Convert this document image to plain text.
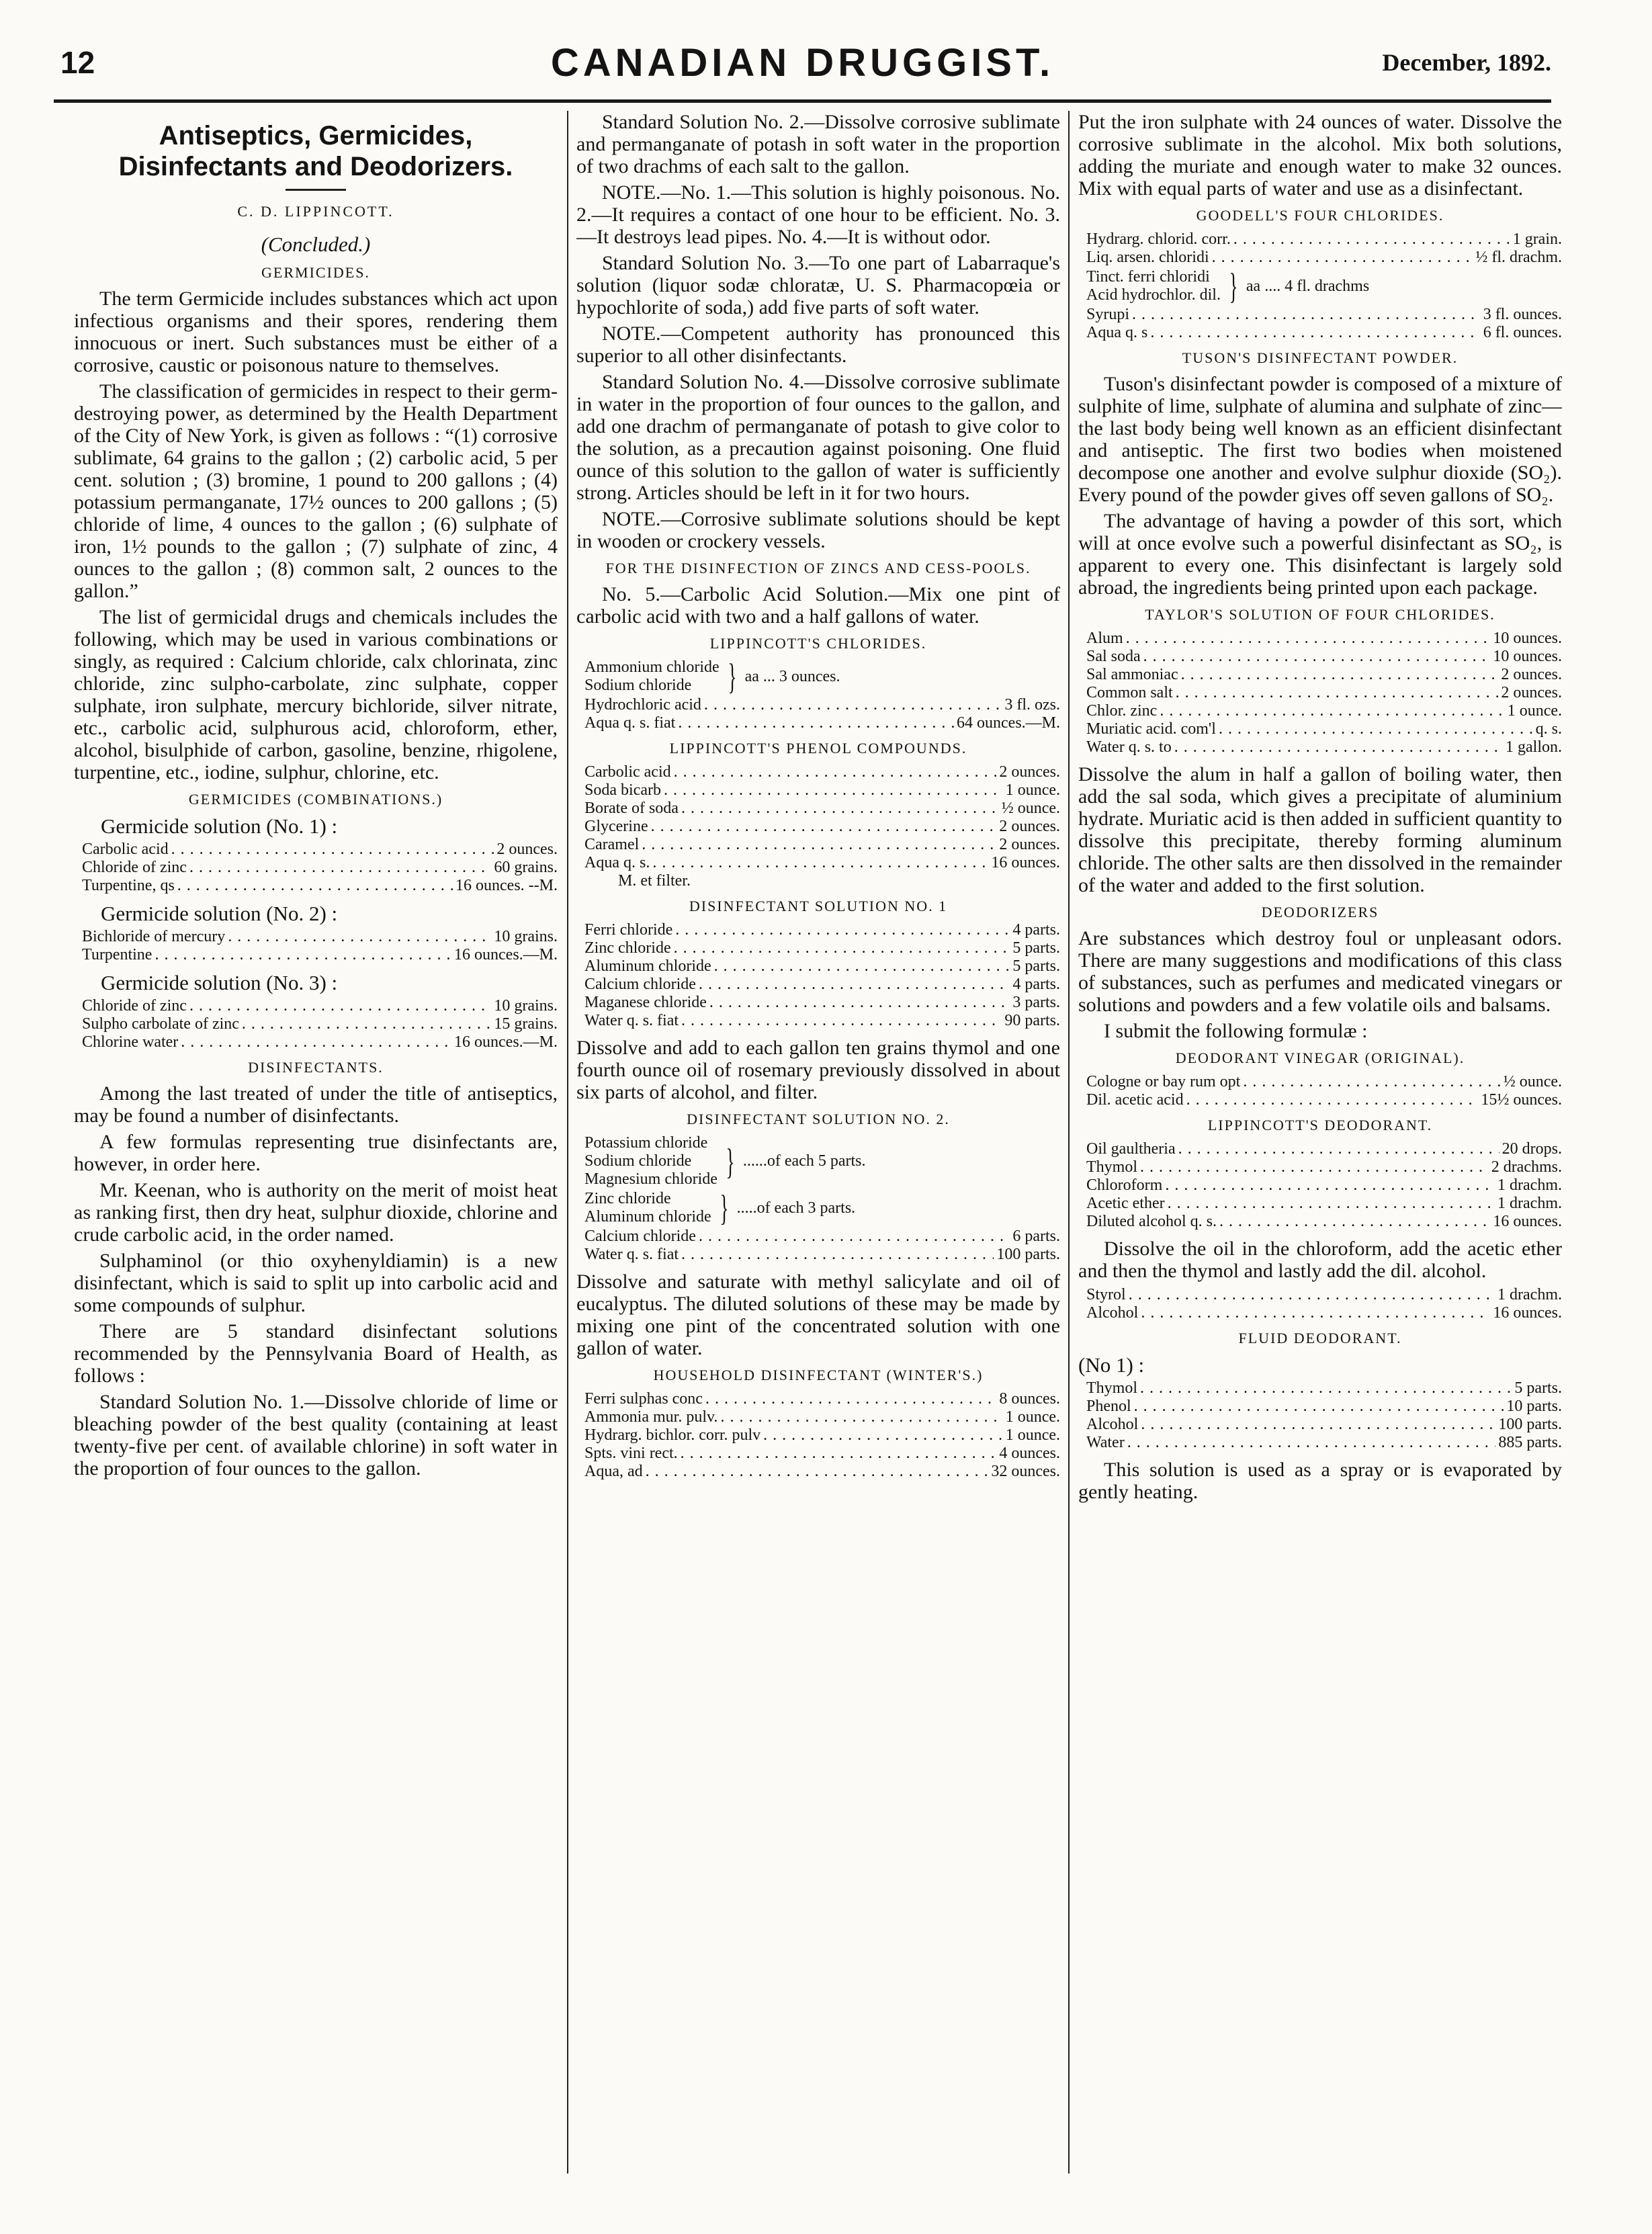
12	CANADIAN DRUGGIST.	December, 1892.
Antiseptics, Germicides, Disinfectants and Deodorizers.
C. D. LIPPINCOTT.
(Concluded.)
GERMICIDES.

The term Germicide includes substances which act upon infectious organisms and their spores, rendering them innocuous or inert. Such substances must be either of a corrosive, caustic or poisonous nature to themselves.

The classification of germicides in respect to their germ-destroying power, as determined by the Health Department of the City of New York, is given as follows : “(1) corrosive sublimate, 64 grains to the gallon ; (2) carbolic acid, 5 per cent. solution ; (3) bromine, 1 pound to 200 gallons ; (4) potassium permanganate, 17½ ounces to 200 gallons ; (5) chloride of lime, 4 ounces to the gallon ; (6) sulphate of iron, 1½ pounds to the gallon ; (7) sulphate of zinc, 4 ounces to the gallon ; (8) common salt, 2 ounces to the gallon.”

The list of germicidal drugs and chemicals includes the following, which may be used in various combinations or singly, as required : Calcium chloride, calx chlorinata, zinc chloride, zinc sulpho-carbolate, zinc sulphate, copper sulphate, iron sulphate, mercury bichloride, silver nitrate, etc., carbolic acid, sulphurous acid, chloroform, ether, alcohol, bisulphide of carbon, gasoline, benzine, rhigolene, turpentine, etc., iodine, sulphur, chlorine, etc.

GERMICIDES (COMBINATIONS.)
Germicide solution (No. 1) :
Carbolic acid . . .	2 ounces.
Chloride of zinc . . .	60 grains.
Turpentine, qs . . .	16 ounces. --M.
Germicide solution (No. 2) :
Bichloride of mercury . . .	10 grains.
Turpentine . . .	16 ounces.—M.
Germicide solution (No. 3) :
Chloride of zinc . . .	10 grains.
Sulpho carbolate of zinc . . .	15 grains.
Chlorine water . . .	16 ounces.—M.
DISINFECTANTS.

Among the last treated of under the title of antiseptics, may be found a number of disinfectants.

A few formulas representing true disinfectants are, however, in order here.

Mr. Keenan, who is authority on the merit of moist heat as ranking first, then dry heat, sulphur dioxide, chlorine and crude carbolic acid, in the order named.

Sulphaminol (or thio oxyhenyldiamin) is a new disinfectant, which is said to split up into carbolic acid and some compounds of sulphur.

There are 5 standard disinfectant solutions recommended by the Pennsylvania Board of Health, as follows :

Standard Solution No. 1.—Dissolve chloride of lime or bleaching powder of the best quality (containing at least twenty-five per cent. of available chlorine) in soft water in the proportion of four ounces to the gallon.

Standard Solution No. 2.—Dissolve corrosive sublimate and permanganate of potash in soft water in the proportion of two drachms of each salt to the gallon.

NOTE.—No. 1.—This solution is highly poisonous. No. 2.—It requires a contact of one hour to be efficient. No. 3.—It destroys lead pipes. No. 4.—It is without odor.

Standard Solution No. 3.—To one part of Labarraque's solution (liquor sodæ chloratæ, U. S. Pharmacopœia or hypochlorite of soda,) add five parts of soft water.

NOTE.—Competent authority has pronounced this superior to all other disinfectants.

Standard Solution No. 4.—Dissolve corrosive sublimate in water in the proportion of four ounces to the gallon, and add one drachm of permanganate of potash to give color to the solution, as a precaution against poisoning. One fluid ounce of this solution to the gallon of water is sufficiently strong. Articles should be left in it for two hours.

NOTE.—Corrosive sublimate solutions should be kept in wooden or crockery vessels.

FOR THE DISINFECTION OF ZINCS AND CESS-POOLS.

No. 5.—Carbolic Acid Solution.—Mix one pint of carbolic acid with two and a half gallons of water.

LIPPINCOTT'S CHLORIDES.
Ammonium chloride
Sodium chloride } aa ... 3 ounces.
Hydrochloric acid . . .	3 fl. ozs.
Aqua q. s. fiat . . .	64 ounces.—M.
LIPPINCOTT'S PHENOL COMPOUNDS.
Carbolic acid . . .	2 ounces.
Soda bicarb . . .	1 ounce.
Borate of soda . . .	½ ounce.
Glycerine . . .	2 ounces.
Caramel . . .	2 ounces.
Aqua q. s. . . .	16 ounces.
M. et filter.
DISINFECTANT SOLUTION NO. 1
Ferri chloride . . .	4 parts.
Zinc chloride . . .	5 parts.
Aluminum chloride . . .	5 parts.
Calcium chloride . . .	4 parts.
Maganese chloride . . .	3 parts.
Water q. s. fiat . . .	90 parts.

Dissolve and add to each gallon ten grains thymol and one fourth ounce oil of rosemary previously dissolved in about six parts of alcohol, and filter.

DISINFECTANT SOLUTION NO. 2.
Potassium chloride
Sodium chloride
Magnesium chloride } ......of each 5 parts.
Zinc chloride
Aluminum chloride } .....of each 3 parts.
Calcium chloride . . .	6 parts.
Water q. s. fiat . . .	100 parts.

Dissolve and saturate with methyl salicylate and oil of eucalyptus. The diluted solutions of these may be made by mixing one pint of the concentrated solution with one gallon of water.

HOUSEHOLD DISINFECTANT (WINTER'S.)
Ferri sulphas conc . . .	8 ounces.
Ammonia mur. pulv. . . .	1 ounce.
Hydrarg. bichlor. corr. pulv . . .	1 ounce.
Spts. vini rect. . . .	4 ounces.
Aqua, ad . . .	32 ounces.

Put the iron sulphate with 24 ounces of water. Dissolve the corrosive sublimate in the alcohol. Mix both solutions, adding the muriate and enough water to make 32 ounces. Mix with equal parts of water and use as a disinfectant.

GOODELL'S FOUR CHLORIDES.
Hydrarg. chlorid. corr. . . .	1 grain.
Liq. arsen. chloridi . . .	½ fl. drachm.
Tinct. ferri chloridi
Acid hydrochlor. dil. } aa .... 4 fl. drachms
Syrupi . . .	3 fl. ounces.
Aqua q. s . . .	6 fl. ounces.
TUSON'S DISINFECTANT POWDER.

Tuson's disinfectant powder is composed of a mixture of sulphite of lime, sulphate of alumina and sulphate of zinc—the last body being well known as an efficient disinfectant and antiseptic. The first two bodies when moistened decompose one another and evolve sulphur dioxide (SO₂). Every pound of the powder gives off seven gallons of SO₂.

The advantage of having a powder of this sort, which will at once evolve such a powerful disinfectant as SO₂, is apparent to every one. This disinfectant is largely sold abroad, the ingredients being printed upon each package.

TAYLOR'S SOLUTION OF FOUR CHLORIDES.
Alum . . .	10 ounces.
Sal soda . . .	10 ounces.
Sal ammoniac . . .	2 ounces.
Common salt . . .	2 ounces.
Chlor. zinc . . .	1 ounce.
Muriatic acid. com'l . . .	q. s.
Water q. s. to . . .	1 gallon.

Dissolve the alum in half a gallon of boiling water, then add the sal soda, which gives a precipitate of aluminium hydrate. Muriatic acid is then added in sufficient quantity to dissolve this precipitate, thereby forming aluminum chloride. The other salts are then dissolved in the remainder of the water and added to the first solution.

DEODORIZERS

Are substances which destroy foul or unpleasant odors. There are many suggestions and modifications of this class of substances, such as perfumes and medicated vinegars or solutions and powders and a few volatile oils and balsams.

I submit the following formulæ :

DEODORANT VINEGAR (ORIGINAL).
Cologne or bay rum opt . . .	½ ounce.
Dil. acetic acid . . .	15½ ounces.
LIPPINCOTT'S DEODORANT.
Oil gaultheria . . .	20 drops.
Thymol . . .	2 drachms.
Chloroform . . .	1 drachm.
Acetic ether . . .	1 drachm.
Diluted alcohol q. s. . . .	16 ounces.

Dissolve the oil in the chloroform, add the acetic ether and then the thymol and lastly add the dil. alcohol.

Styrol . . .	1 drachm.
Alcohol . . .	16 ounces.
FLUID DEODORANT.
(No 1) :
Thymol . . .	5 parts.
Phenol . . .	10 parts.
Alcohol . . .	100 parts.
Water . . .	885 parts.

This solution is used as a spray or is evaporated by gently heating.
